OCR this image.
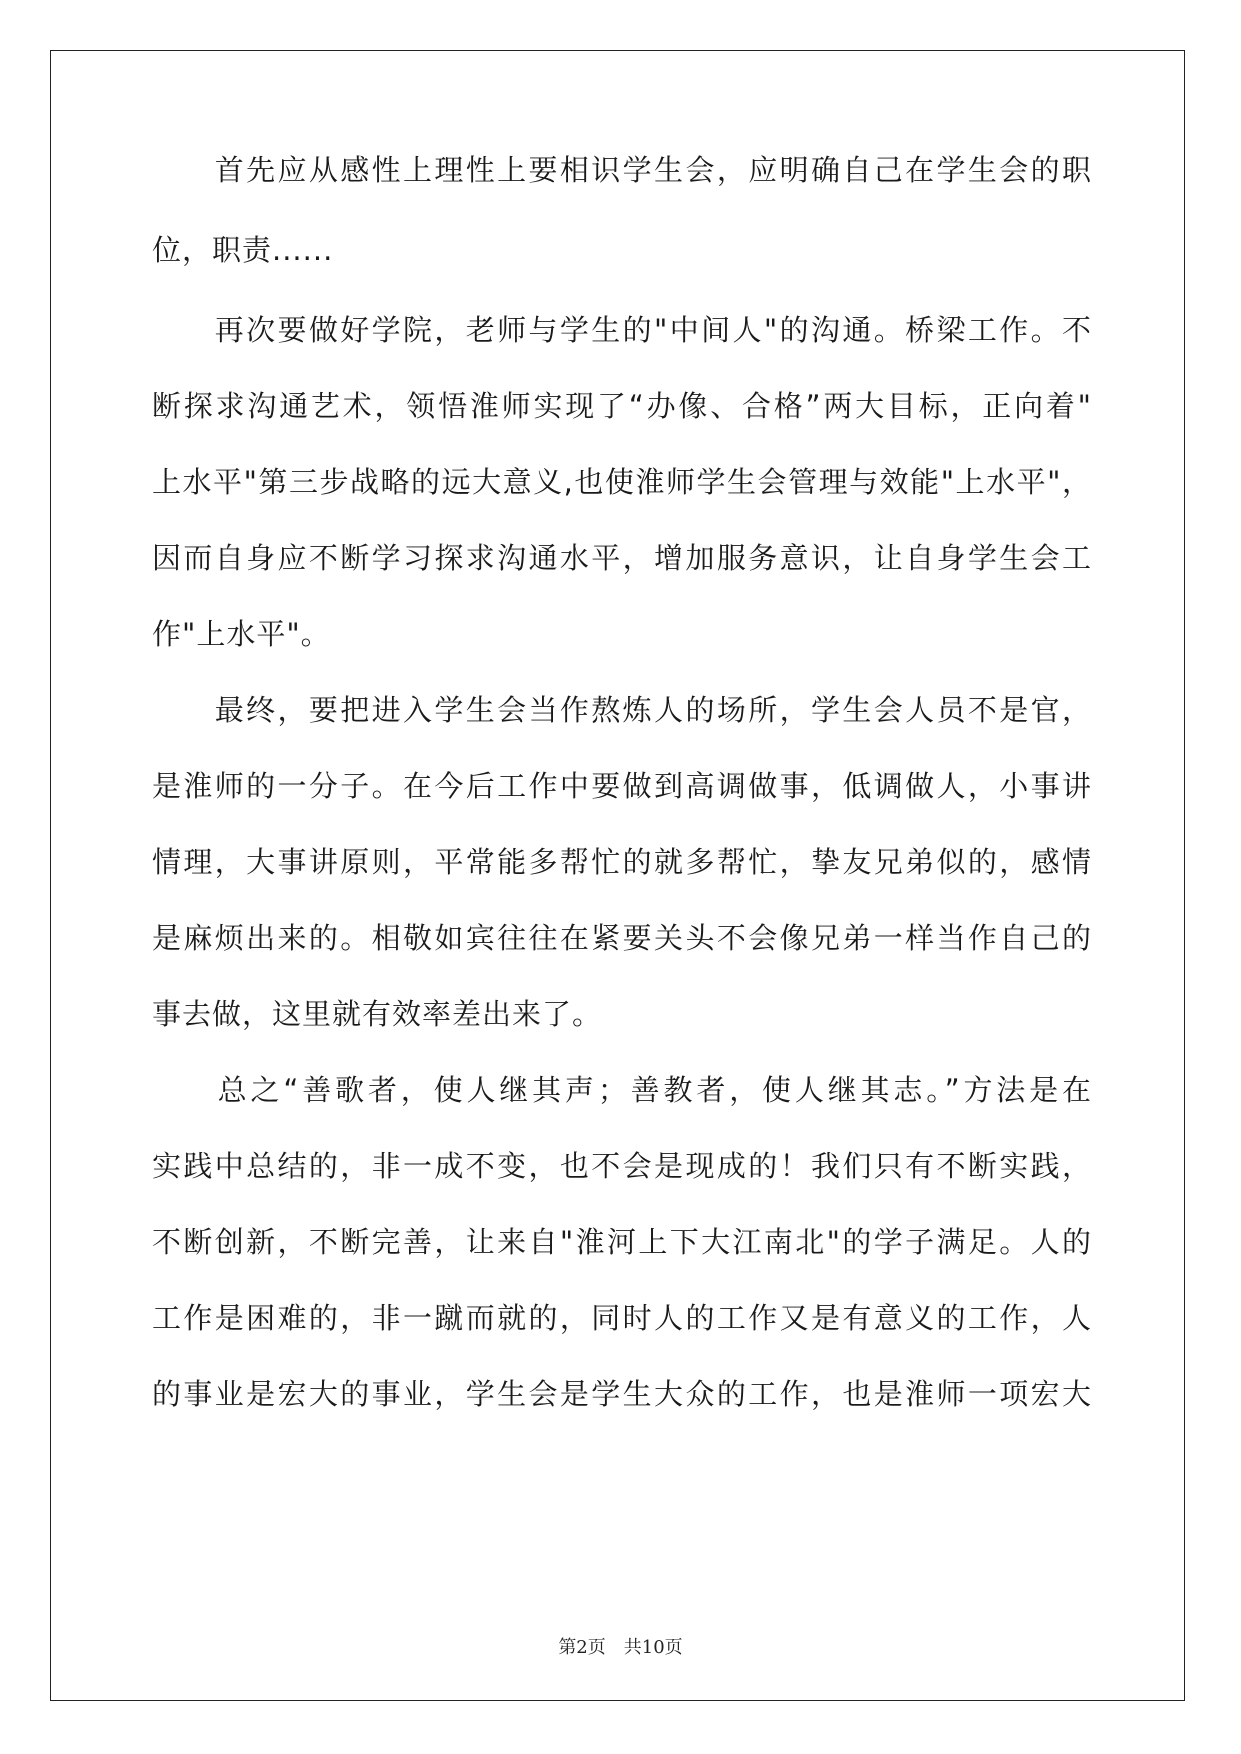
　　首先应从感性上理性上要相识学生会，应明确自己在学生会的职
位，职责......
　　再次要做好学院，老师与学生的"中间人"的沟通。桥梁工作。不
断探求沟通艺术，领悟淮师实现了“办像、合格”两大目标，正向着"
上水平"第三步战略的远大意义,也使淮师学生会管理与效能"上水平"，
因而自身应不断学习探求沟通水平，增加服务意识，让自身学生会工
作"上水平"。
　　最终，要把进入学生会当作熬炼人的场所，学生会人员不是官，
是淮师的一分子。在今后工作中要做到高调做事，低调做人，小事讲
情理，大事讲原则，平常能多帮忙的就多帮忙，挚友兄弟似的，感情
是麻烦出来的。相敬如宾往往在紧要关头不会像兄弟一样当作自己的
事去做，这里就有效率差出来了。
　　总之“善歌者，使人继其声；善教者，使人继其志。”方法是在
实践中总结的，非一成不变，也不会是现成的！我们只有不断实践，
不断创新，不断完善，让来自"淮河上下大江南北"的学子满足。人的
工作是困难的，非一蹴而就的，同时人的工作又是有意义的工作，人
的事业是宏大的事业，学生会是学生大众的工作，也是淮师一项宏大
第2页 共10页
